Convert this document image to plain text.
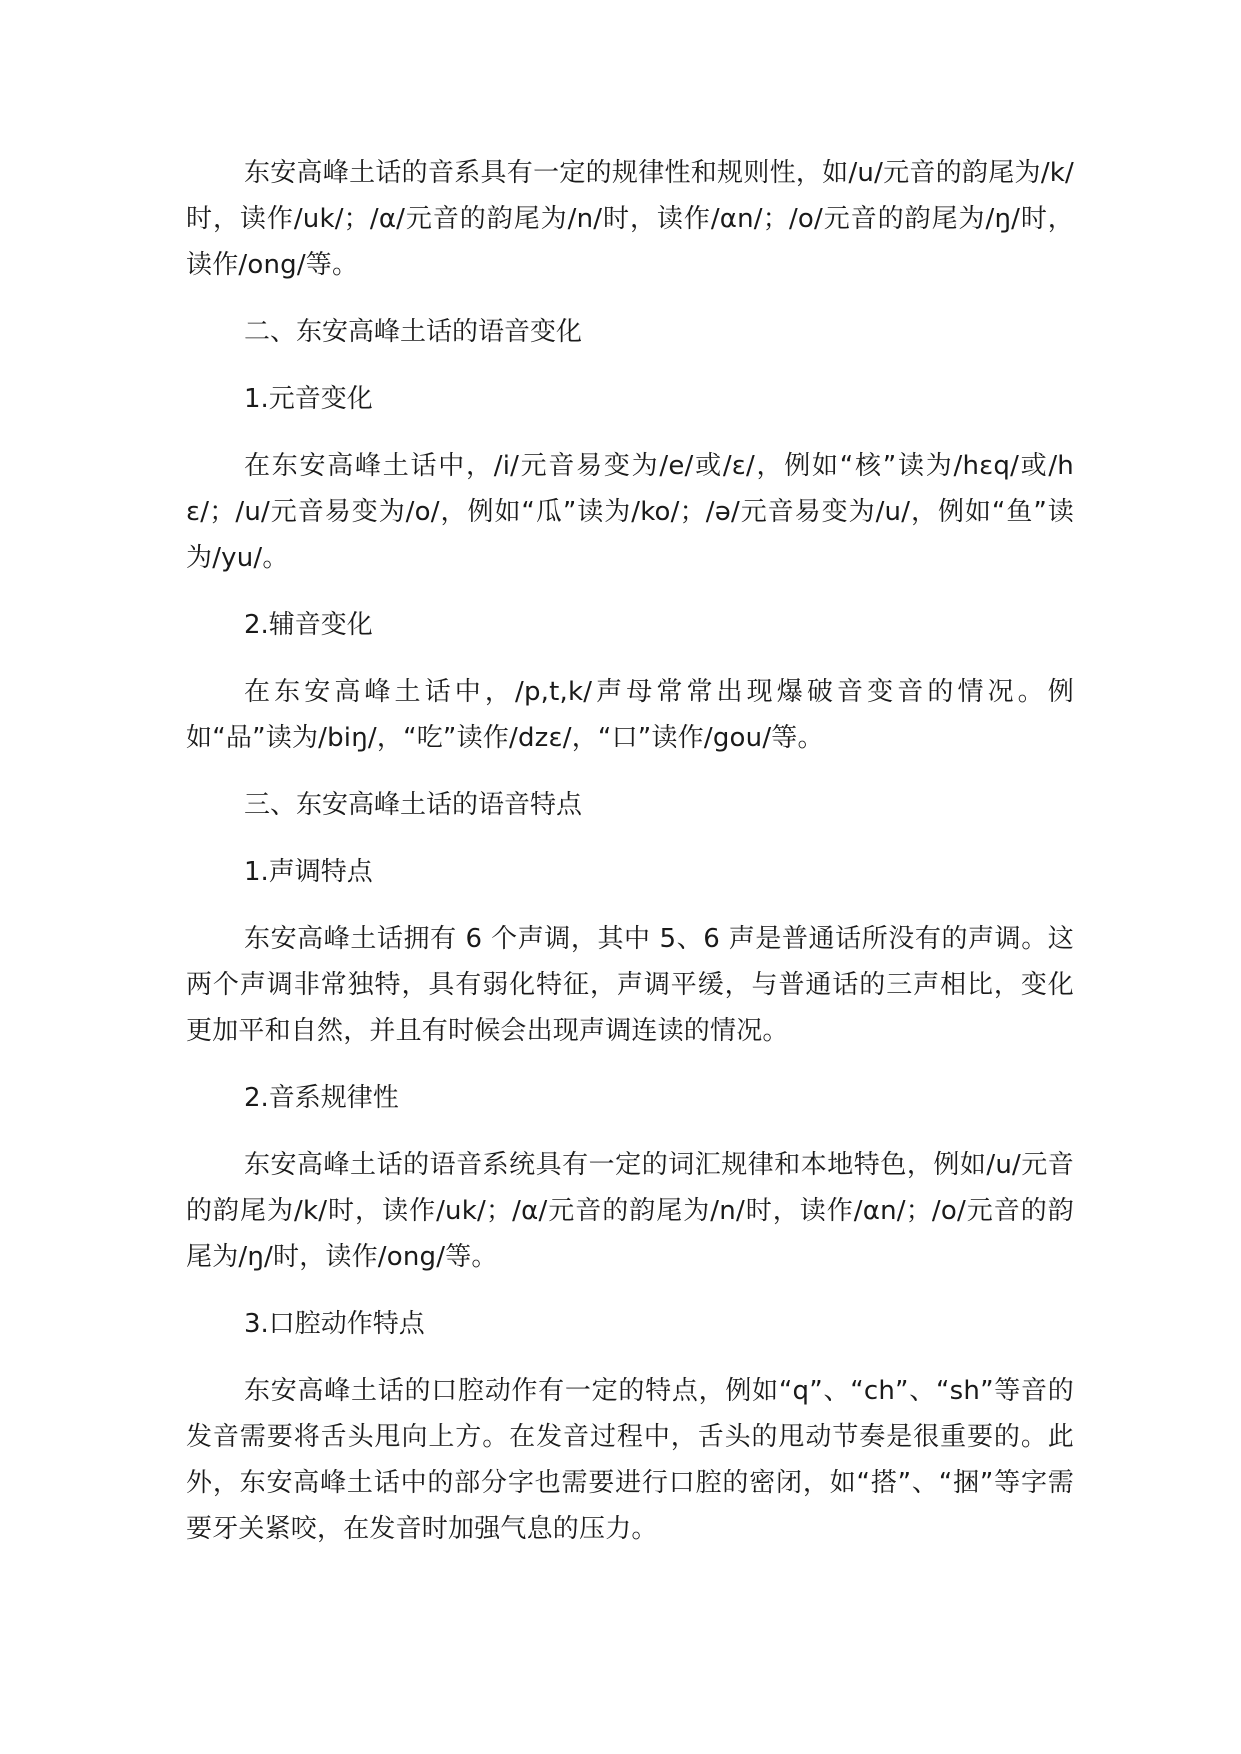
东安高峰土话的音系具有一定的规律性和规则性，如/u/元音的韵尾为/k/时，读作/uk/；/α/元音的韵尾为/n/时，读作/αn/；/o/元音的韵尾为/ŋ/时，读作/ong/等。

二、东安高峰土话的语音变化

1.元音变化

在东安高峰土话中，/i/元音易变为/e/或/ɛ/，例如“核”读为/hɛq/或/hɛ/；/u/元音易变为/o/，例如“瓜”读为/ko/；/ə/元音易变为/u/，例如“鱼”读为/yu/。

2.辅音变化

在东安高峰土话中，/p,t,k/声母常常出现爆破音变音的情况。例如“品”读为/biŋ/，“吃”读作/dzɛ/，“口”读作/gou/等。

三、东安高峰土话的语音特点

1.声调特点

东安高峰土话拥有 6 个声调，其中 5、6 声是普通话所没有的声调。这两个声调非常独特，具有弱化特征，声调平缓，与普通话的三声相比，变化更加平和自然，并且有时候会出现声调连读的情况。

2.音系规律性

东安高峰土话的语音系统具有一定的词汇规律和本地特色，例如/u/元音的韵尾为/k/时，读作/uk/；/α/元音的韵尾为/n/时，读作/αn/；/o/元音的韵尾为/ŋ/时，读作/ong/等。

3.口腔动作特点

东安高峰土话的口腔动作有一定的特点，例如“q”、“ch”、“sh”等音的发音需要将舌头甩向上方。在发音过程中，舌头的甩动节奏是很重要的。此外，东安高峰土话中的部分字也需要进行口腔的密闭，如“搭”、“捆”等字需要牙关紧咬，在发音时加强气息的压力。
